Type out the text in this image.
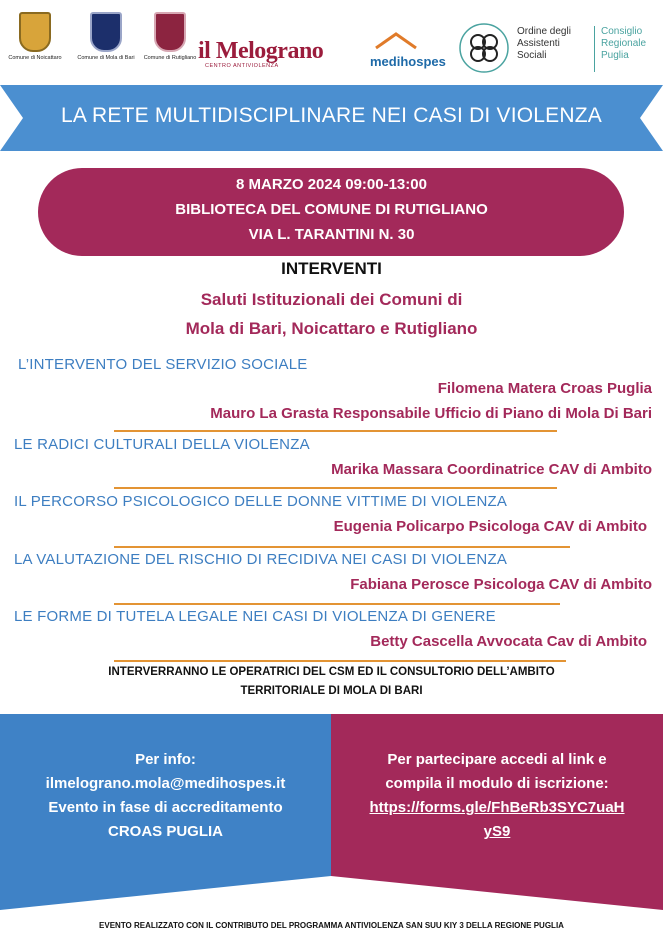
Comune di Noicattaro	Comune di Mola di Bari	Comune di Rutigliano il Melograno
CENTRO ANTIVIOLENZA	medihospes
Ordine degli
Assistenti
Sociali
Consiglio
Regionale
Puglia
LA RETE MULTIDISCIPLINARE NEI CASI DI VIOLENZA
8 MARZO 2024 09:00-13:00
BIBLIOTECA DEL COMUNE DI RUTIGLIANO
VIA L. TARANTINI N. 30
INTERVENTI
Saluti Istituzionali dei Comuni di
Mola di Bari, Noicattaro e Rutigliano
L’INTERVENTO DEL SERVIZIO SOCIALE
Filomena Matera Croas Puglia
Mauro La Grasta Responsabile Ufficio di Piano di Mola Di Bari
LE RADICI CULTURALI DELLA VIOLENZA
Marika Massara Coordinatrice CAV di Ambito
IL PERCORSO PSICOLOGICO DELLE DONNE VITTIME DI VIOLENZA
Eugenia Policarpo Psicologa CAV di Ambito
LA VALUTAZIONE DEL RISCHIO DI RECIDIVA NEI CASI DI VIOLENZA
Fabiana Perosce Psicologa CAV di Ambito
LE FORME DI TUTELA LEGALE NEI CASI DI VIOLENZA DI GENERE
Betty Cascella Avvocata Cav di Ambito
INTERVERRANNO LE OPERATRICI DEL CSM ED IL CONSULTORIO DELL’AMBITO
TERRITORIALE DI MOLA DI BARI
Per info:
ilmelograno.mola@medihospes.it
Evento in fase di accreditamento
CROAS PUGLIA
Per partecipare accedi al link e
compila il modulo di iscrizione:
https://forms.gle/FhBeRb3SYC7uaH
yS9
EVENTO REALIZZATO CON IL CONTRIBUTO DEL PROGRAMMA ANTIVIOLENZA SAN SUU KIY 3 DELLA REGIONE PUGLIA
